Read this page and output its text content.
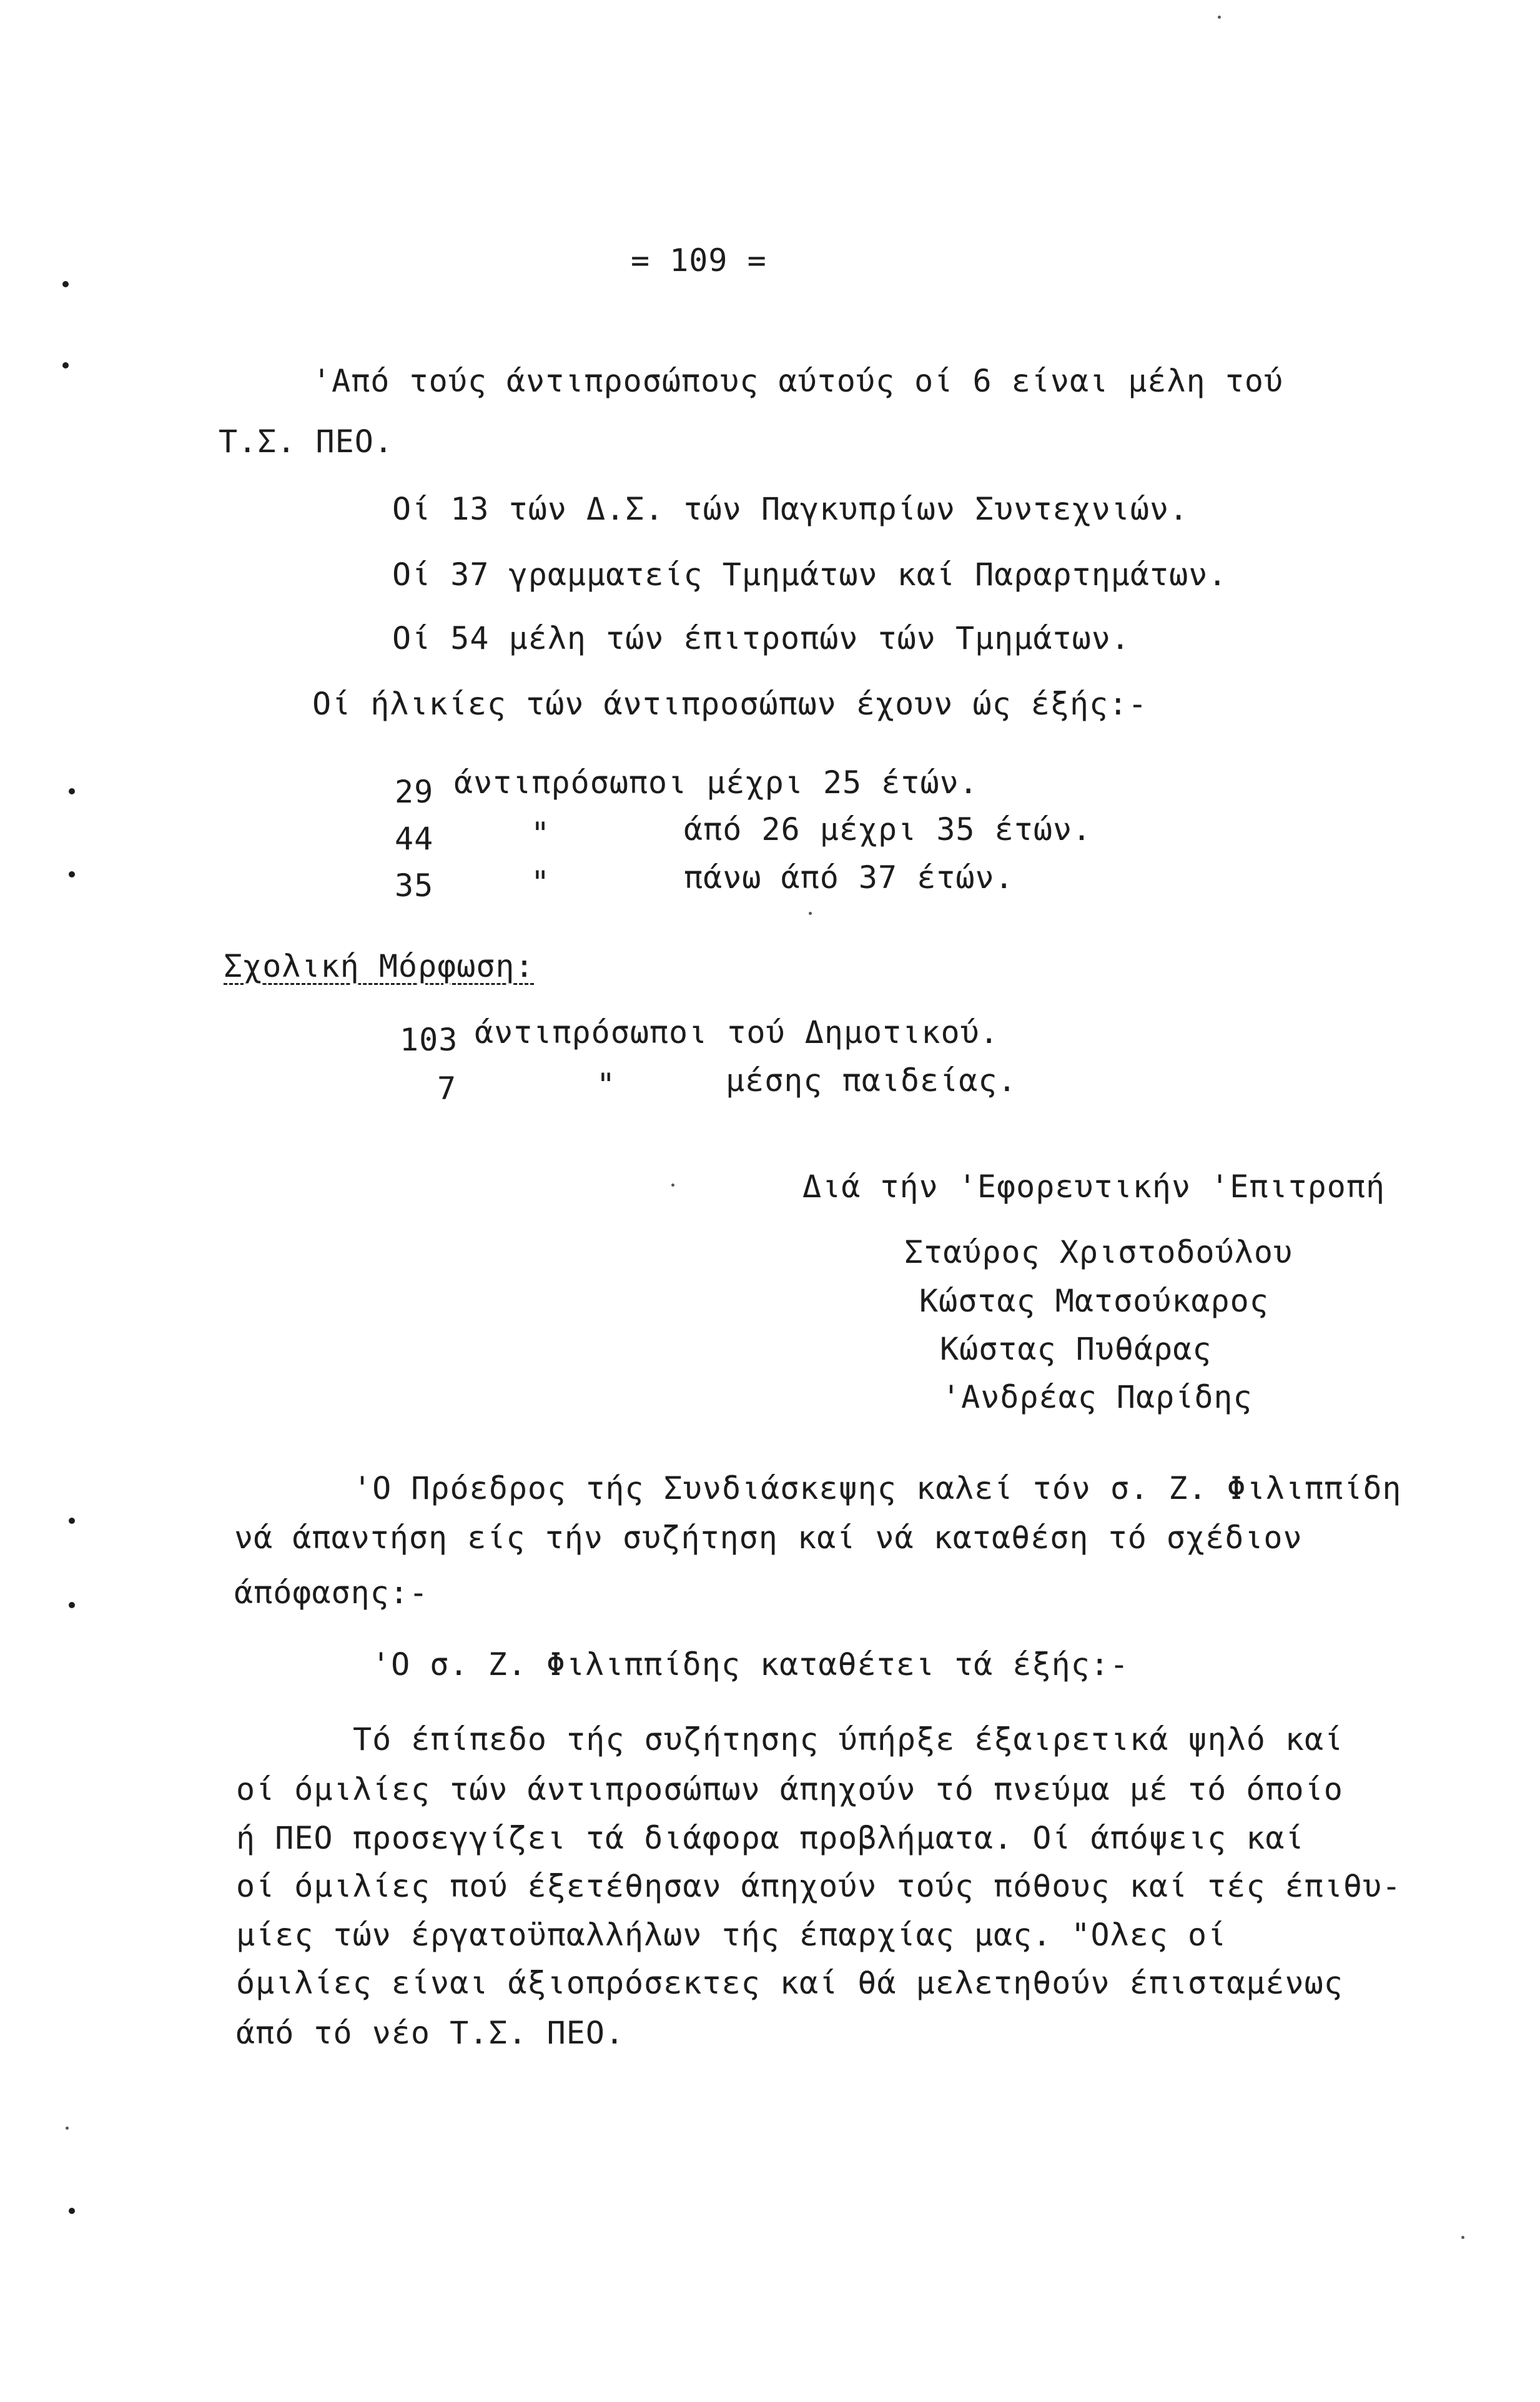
= 109 =
'Από τούς άντιπροσώπους αύτούς οί 6 είναι μέλη τού
Τ.Σ. ΠΕΟ.
Οί 13 τών Δ.Σ. τών Παγκυπρίων Συντεχνιών.
Οί 37 γραμματείς Τμημάτων καί Παραρτημάτων.
Οί 54 μέλη τών έπιτροπών τών Τμημάτων.
Οί ήλικίες τών άντιπροσώπων έχουν ώς έξής:-
29 άντιπρόσωποι μέχρι 25 έτών.
44	"	άπό 26 μέχρι 35 έτών.
35	"	πάνω άπό 37 έτών.
Σχολική Μόρφωση:
103 άντιπρόσωποι τού Δημοτικού.
7	"	μέσης παιδείας.
Διά τήν 'Εφορευτικήν 'Επιτροπή
Σταύρος Χριστοδούλου
Κώστας Ματσούκαρος
Κώστας Πυθάρας
'Ανδρέας Παρίδης
'Ο Πρόεδρος τής Συνδιάσκεψης καλεί τόν σ. Ζ. Φιλιππίδη
νά άπαντήση είς τήν συζήτηση καί νά καταθέση τό σχέδιον
άπόφασης:-
'Ο σ. Ζ. Φιλιππίδης καταθέτει τά έξής:-
Τό έπίπεδο τής συζήτησης ύπήρξε έξαιρετικά ψηλό καί
οί όμιλίες τών άντιπροσώπων άπηχούν τό πνεύμα μέ τό όποίο
ή ΠΕΟ προσεγγίζει τά διάφορα προβλήματα. Οί άπόψεις καί
οί όμιλίες πού έξετέθησαν άπηχούν τούς πόθους καί τές έπιθυ-
μίες τών έργατοϋπαλλήλων τής έπαρχίας μας. "Ολες οί
όμιλίες είναι άξιοπρόσεκτες καί θά μελετηθούν έπισταμένως
άπό τό νέο Τ.Σ. ΠΕΟ.
